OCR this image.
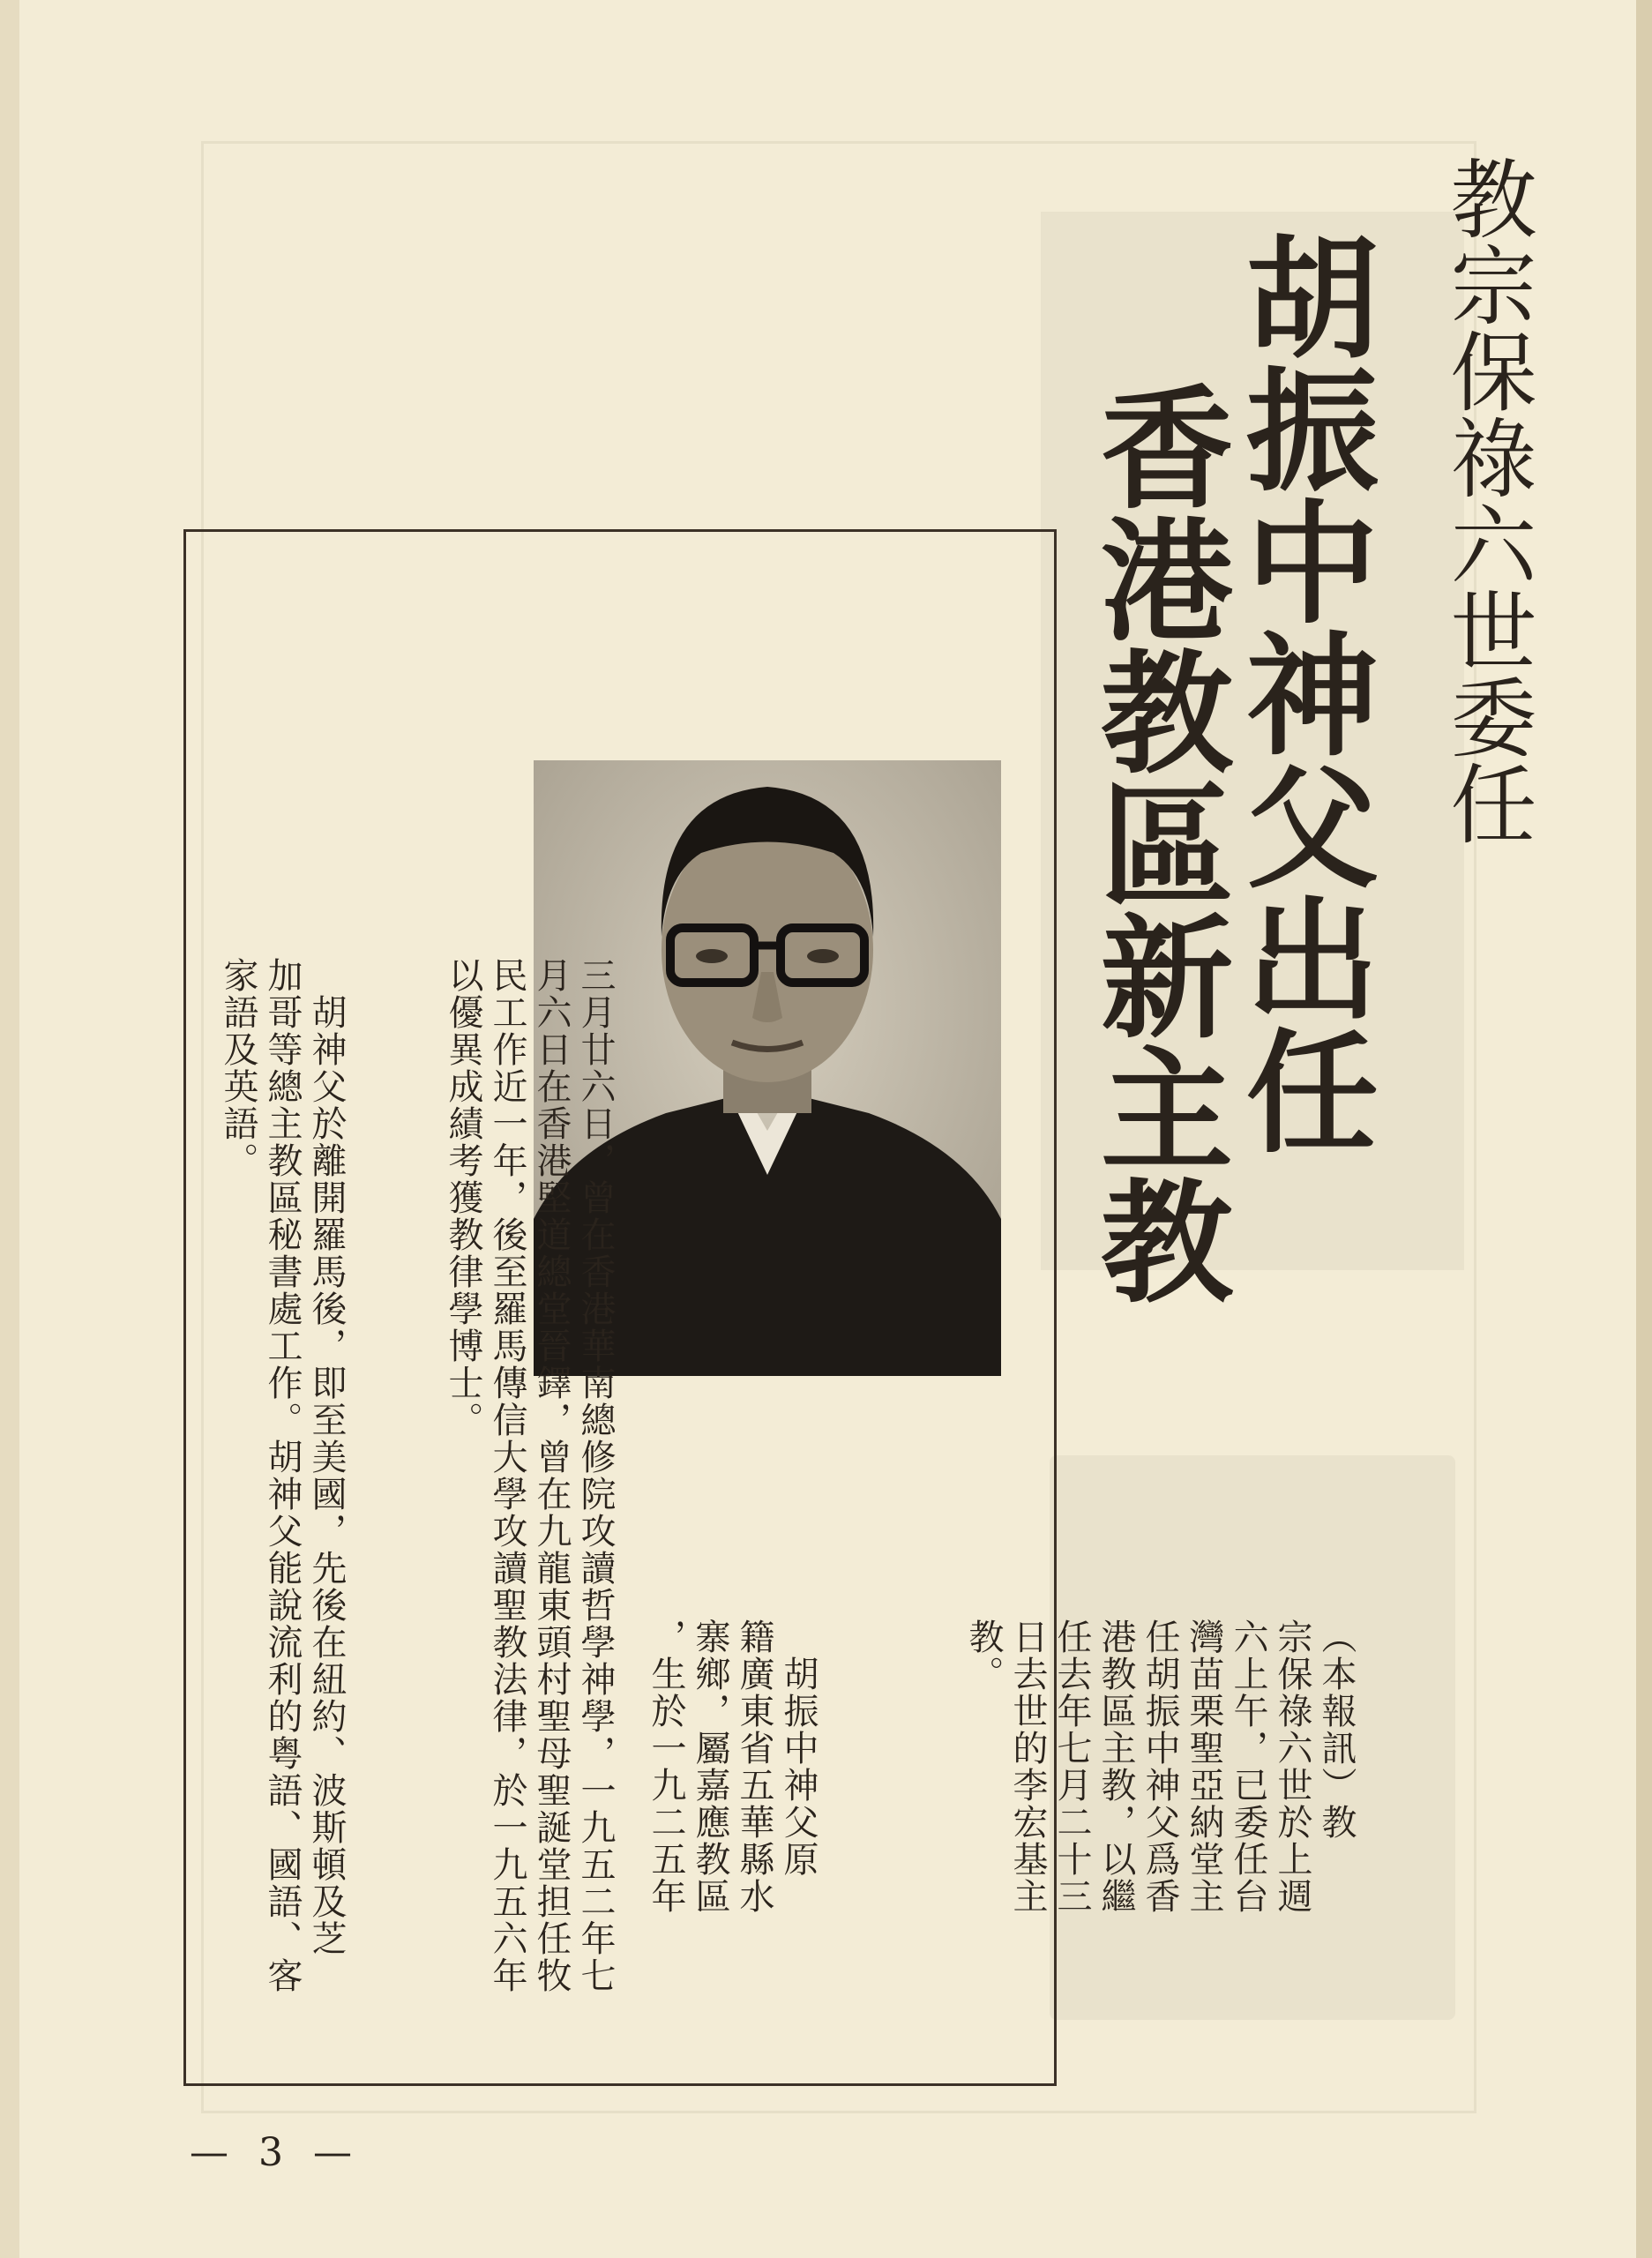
教宗保祿六世委任
胡振中神父出任
香港教區新主教
（本報訊）教
宗保祿六世於上週
六上午，已委任台
灣苗栗聖亞納堂主
任胡振中神父爲香
港教區主教，以繼
任去年七月二十三
日去世的李宏基主
教。
　胡振中神父原
籍廣東省五華縣水
寨鄉，屬嘉應教區
，生於一九二五年
三月廿六日，曾在香港華南總修院攻讀哲學神學，一九五二年七
月六日在香港堅道總堂晉鐸，曾在九龍東頭村聖母聖誕堂担任牧
民工作近一年，後至羅馬傳信大學攻讀聖教法律，於一九五六年
以優異成績考獲教律學博士。
　胡神父於離開羅馬後，即至美國，先後在紐約、波斯頓及芝
加哥等總主教區秘書處工作。胡神父能說流利的粤語、國語、客
家語及英語。
— 3 —
